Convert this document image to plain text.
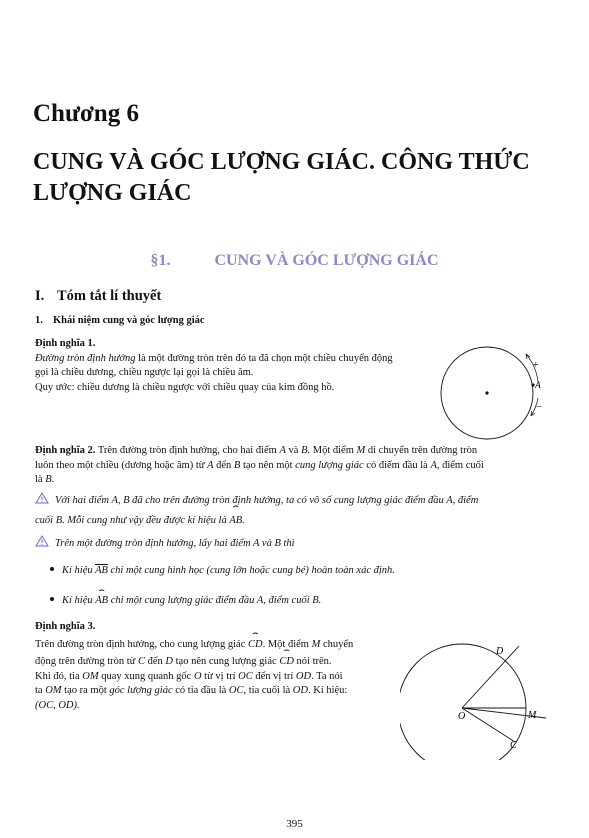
Chương 6
CUNG VÀ GÓC LƯỢNG GIÁC. CÔNG THỨC LƯỢNG GIÁC
§1.	CUNG VÀ GÓC LƯỢNG GIÁC
I. Tóm tắt lí thuyết
1. Khái niệm cung và góc lượng giác
Định nghĩa 1.
Đường tròn định hướng là một đường tròn trên đó ta đã chọn một chiều chuyển động
gọi là chiều dương, chiều ngược lại gọi là chiều âm.
Quy ước: chiều dương là chiều ngược với chiều quay của kim đồng hồ.
+
−
A
Định nghĩa 2. Trên đường tròn định hướng, cho hai điểm A và B. Một điểm M di chuyển trên đường tròn
luôn theo một chiều (dương hoặc âm) từ A đến B tạo nên một cung lượng giác có điểm đầu là A, điểm cuối
là B.
Với hai điểm A, B đã cho trên đường tròn định hướng, ta có vô số cung lượng giác điểm đầu A, điểm
cuối B. Mỗi cung như vậy đều được kí hiệu là ⌢ AB.
Trên một đường tròn định hướng, lấy hai điểm A và B thì
Kí hiệu $\overline{AB}$ chỉ một cung hình học (cung lớn hoặc cung bé) hoàn toàn xác định.
Kí hiệu ⌢ AB chỉ một cung lượng giác điểm đầu A, điểm cuối B.
Định nghĩa 3.
Trên đường tròn định hướng, cho cung lượng giác ⌢ CD. Một điểm M chuyển
động trên đường tròn từ C đến D tạo nên cung lượng giác ⌢ CD nói trên.
Khi đó, tia OM quay xung quanh gốc O từ vị trí OC đến vị trí OD. Ta nói
ta OM tạo ra một góc lượng giác có tia đầu là OC, tia cuối là OD. Kí hiệu:
(OC, OD).
O	M
C
D
395
